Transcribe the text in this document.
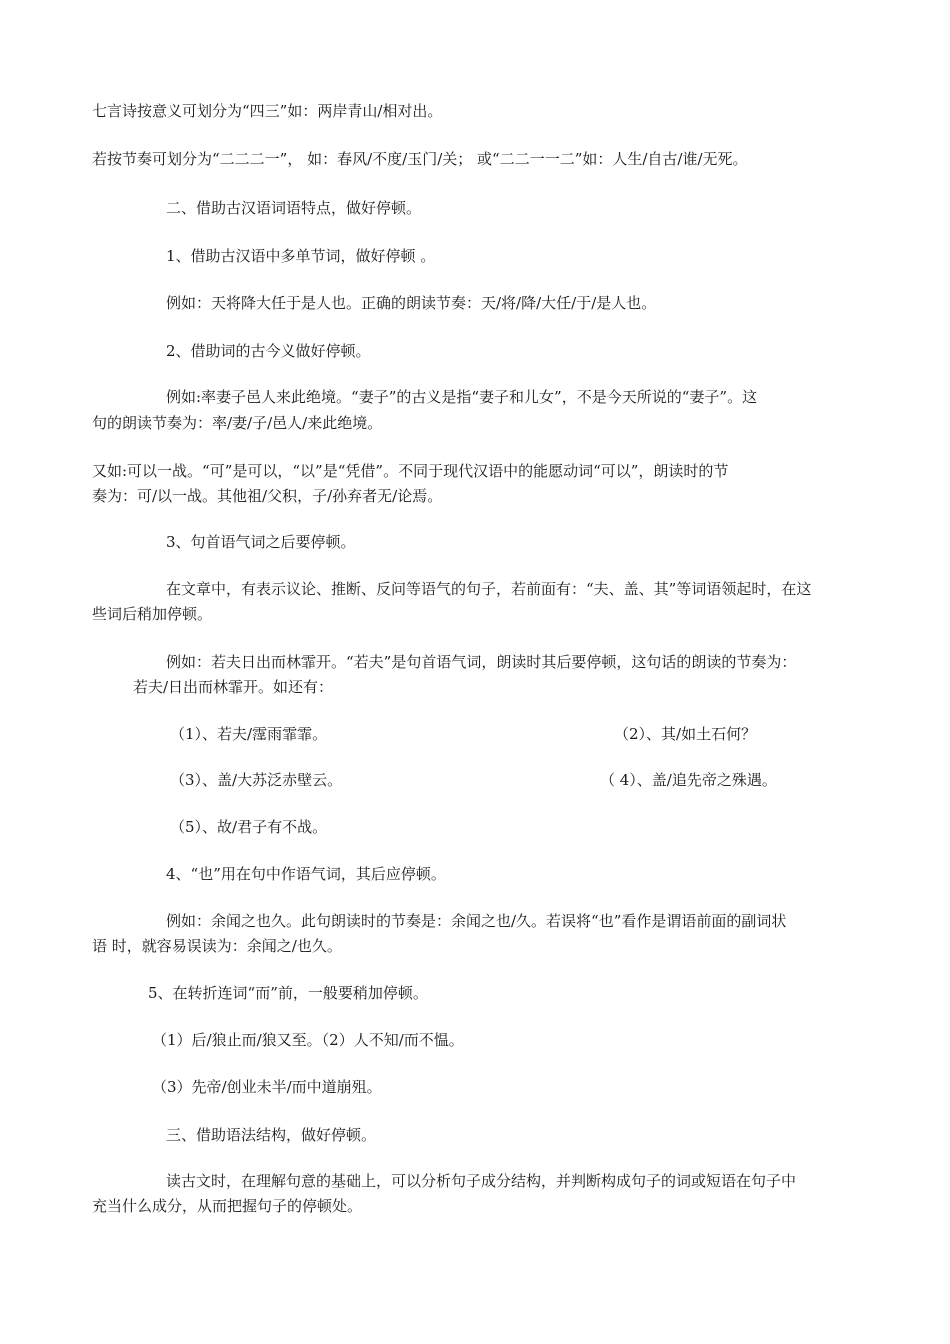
七言诗按意义可划分为“四三”如：两岸青山/相对出。

若按节奏可划分为“二二二一”， 如：春风/不度/玉门/关； 或“二二一一二”如：人生/自古/谁/无死。

二、借助古汉语词语特点，做好停顿。

1、借助古汉语中多单节词，做好停顿 。

例如：天将降大任于是人也。正确的朗读节奏：天/将/降/大任/于/是人也。

2、借助词的古今义做好停顿。

例如:率妻子邑人来此绝境。“妻子”的古义是指“妻子和儿女”，不是今天所说的“妻子”。这

句的朗读节奏为：率/妻/子/邑人/来此绝境。

又如:可以一战。“可”是可以，“以”是“凭借”。不同于现代汉语中的能愿动词“可以”，朗读时的节

奏为：可/以一战。其他祖/父积，子/孙弃者无/论焉。

3、句首语气词之后要停顿。

在文章中，有表示议论、推断、反问等语气的句子，若前面有：“夫、盖、其”等词语领起时，在这

些词后稍加停顿。

例如：若夫日出而林霏开。“若夫”是句首语气词，朗读时其后要停顿，这句话的朗读的节奏为：

若夫/日出而林霏开。如还有：

（1）、若夫/霪雨霏霏。	（2）、其/如土石何？

（3）、盖/大苏泛赤壁云。	（ 4）、盖/追先帝之殊遇。

（5）、故/君子有不战。

4、“也”用在句中作语气词，其后应停顿。

例如：余闻之也久。此句朗读时的节奏是：余闻之也/久。若误将“也”看作是谓语前面的副词状

语 时，就容易误读为：余闻之/也久。

5、在转折连词“而”前，一般要稍加停顿。

（1）后/狼止而/狼又至。（2）人不知/而不愠。

（3）先帝/创业未半/而中道崩殂。

三、借助语法结构，做好停顿。

读古文时，在理解句意的基础上，可以分析句子成分结构，并判断构成句子的词或短语在句子中

充当什么成分，从而把握句子的停顿处。
